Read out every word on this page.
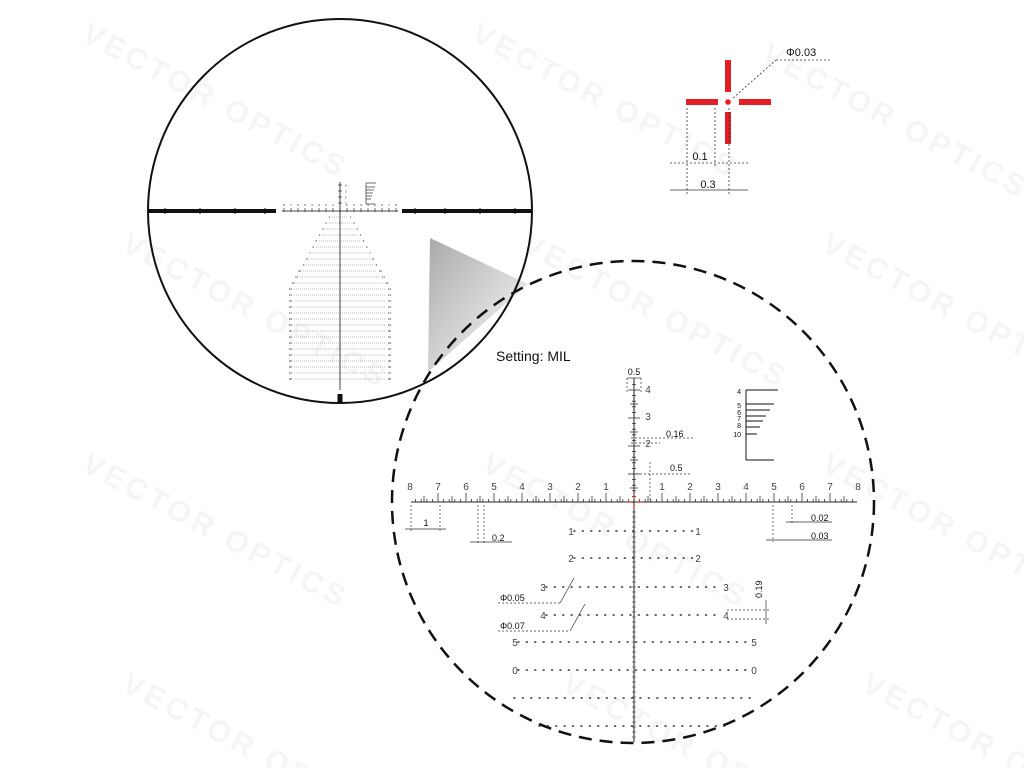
8 7 6 5 4 3 2 1	1 2 3 4 5 6 7 8
4
3
2
1
1	1
2	2
3	3
4	4
5	5
6	6
7	7
8	8
9	9
10	10
11	11
12	12
13	13
14	14
15	15
16	16
17	17
18	18
19	19
20	20
21	21
22	22
23	23
24	24
25	25
26	26
27	27
28	28
Setting: MIL
8 7 6 5 4 3 2 1	1 2 3 4 5 6 7 8
4
3
2
4
5
6
7
8
10
1
2
3
4
5
0
1
2
3
4
5
0
0.5
0.16
0.5
1
0.2
0.02
0.03
0.19
Φ0.05
Φ0.07
Φ0.03
0.1
0.3
